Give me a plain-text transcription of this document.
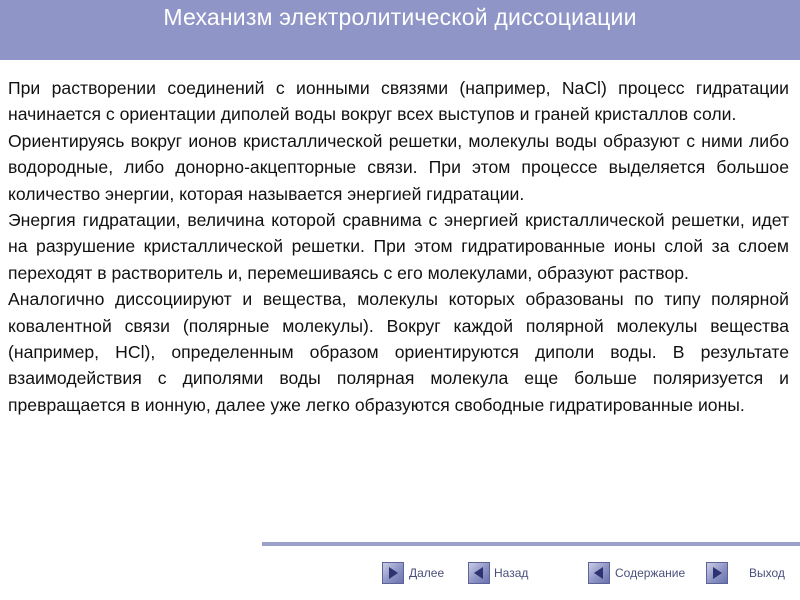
Механизм электролитической диссоциации

При растворении соединений с ионными связями (например, NaCl) процесс гидратации начинается с ориентации диполей воды вокруг всех выступов и граней кристаллов соли.

Ориентируясь вокруг ионов кристаллической решетки, молекулы воды образуют с ними либо водородные, либо донорно-акцепторные связи. При этом процессе выделяется большое количество энергии, которая называется энергией гидратации.

Энергия гидратации, величина которой сравнима с энергией кристаллической решетки, идет на разрушение кристаллической решетки. При этом гидратированные ионы слой за слоем переходят в растворитель и, перемешиваясь с его молекулами, образуют раствор.

Аналогично диссоциируют и вещества, молекулы которых образованы по типу полярной ковалентной связи (полярные молекулы). Вокруг каждой полярной молекулы вещества (например, HCl), определенным образом ориентируются диполи воды. В результате взаимодействия с диполями воды полярная молекула еще больше поляризуется и превращается в ионную, далее уже легко образуются свободные гидратированные ионы.

Далее	Назад	Содержание	Выход
